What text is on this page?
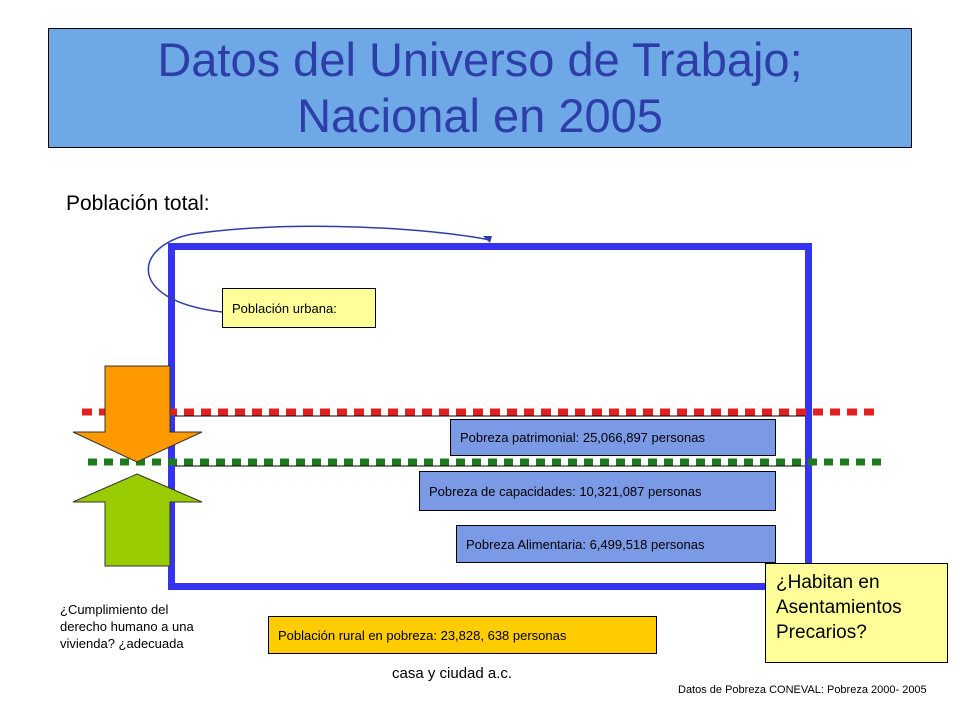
Datos del Universo de Trabajo;
Nacional en 2005
Población total:
Población urbana:
Pobreza patrimonial: 25,066,897 personas
Pobreza de capacidades: 10,321,087 personas
Pobreza Alimentaria: 6,499,518 personas
Población rural en pobreza: 23,828, 638 personas
¿Habitan en
Asentamientos
Precarios?
¿Cumplimiento del derecho humano a una vivienda? ¿adecuada
casa y ciudad a.c.
Datos de Pobreza CONEVAL: Pobreza 2000- 2005
